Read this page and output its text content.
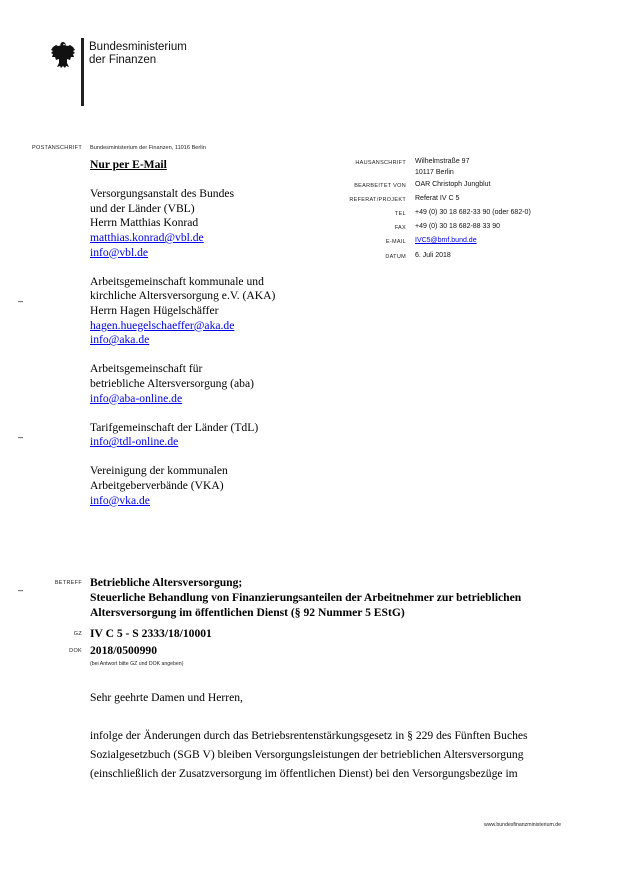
Bundesministerium
der Finanzen
POSTANSCHRIFT Bundesministerium der Finanzen, 11016 Berlin
Nur per E-Mail
Versorgungsanstalt des Bundes
und der Länder (VBL)
Herrn Matthias Konrad
matthias.konrad@vbl.de
info@vbl.de
Arbeitsgemeinschaft kommunale und
kirchliche Altersversorgung e.V. (AKA)
Herrn Hagen Hügelschäffer
hagen.huegelschaeffer@aka.de
info@aka.de
Arbeitsgemeinschaft für
betriebliche Altersversorgung (aba)
info@aba-online.de
Tarifgemeinschaft der Länder (TdL)
info@tdl-online.de
Vereinigung der kommunalen
Arbeitgeberverbände (VKA)
info@vka.de
HAUSANSCHRIFT Wilhelmstraße 97
10117 Berlin
BEARBEITET VON OAR Christoph Jungblut
REFERAT/PROJEKT Referat IV C 5
TEL +49 (0) 30 18 682-33 90 (oder 682-0)
FAX +49 (0) 30 18 682-88 33 90
E-MAIL IVC5@bmf.bund.de
DATUM 6. Juli 2018
–
–
–
BETREFF Betriebliche Altersversorgung;
Steuerliche Behandlung von Finanzierungsanteilen der Arbeitnehmer zur betrieblichen
Altersversorgung im öffentlichen Dienst (§ 92 Nummer 5 EStG)
GZ IV C 5 - S 2333/18/10001
DOK 2018/0500990
(bei Antwort bitte GZ und DOK angeben)
Sehr geehrte Damen und Herren,
infolge der Änderungen durch das Betriebsrentenstärkungsgesetz in § 229 des Fünften Buches
Sozialgesetzbuch (SGB V) bleiben Versorgungsleistungen der betrieblichen Altersversorgung
(einschließlich der Zusatzversorgung im öffentlichen Dienst) bei den Versorgungsbezüge im
www.bundesfinanzministerium.de
